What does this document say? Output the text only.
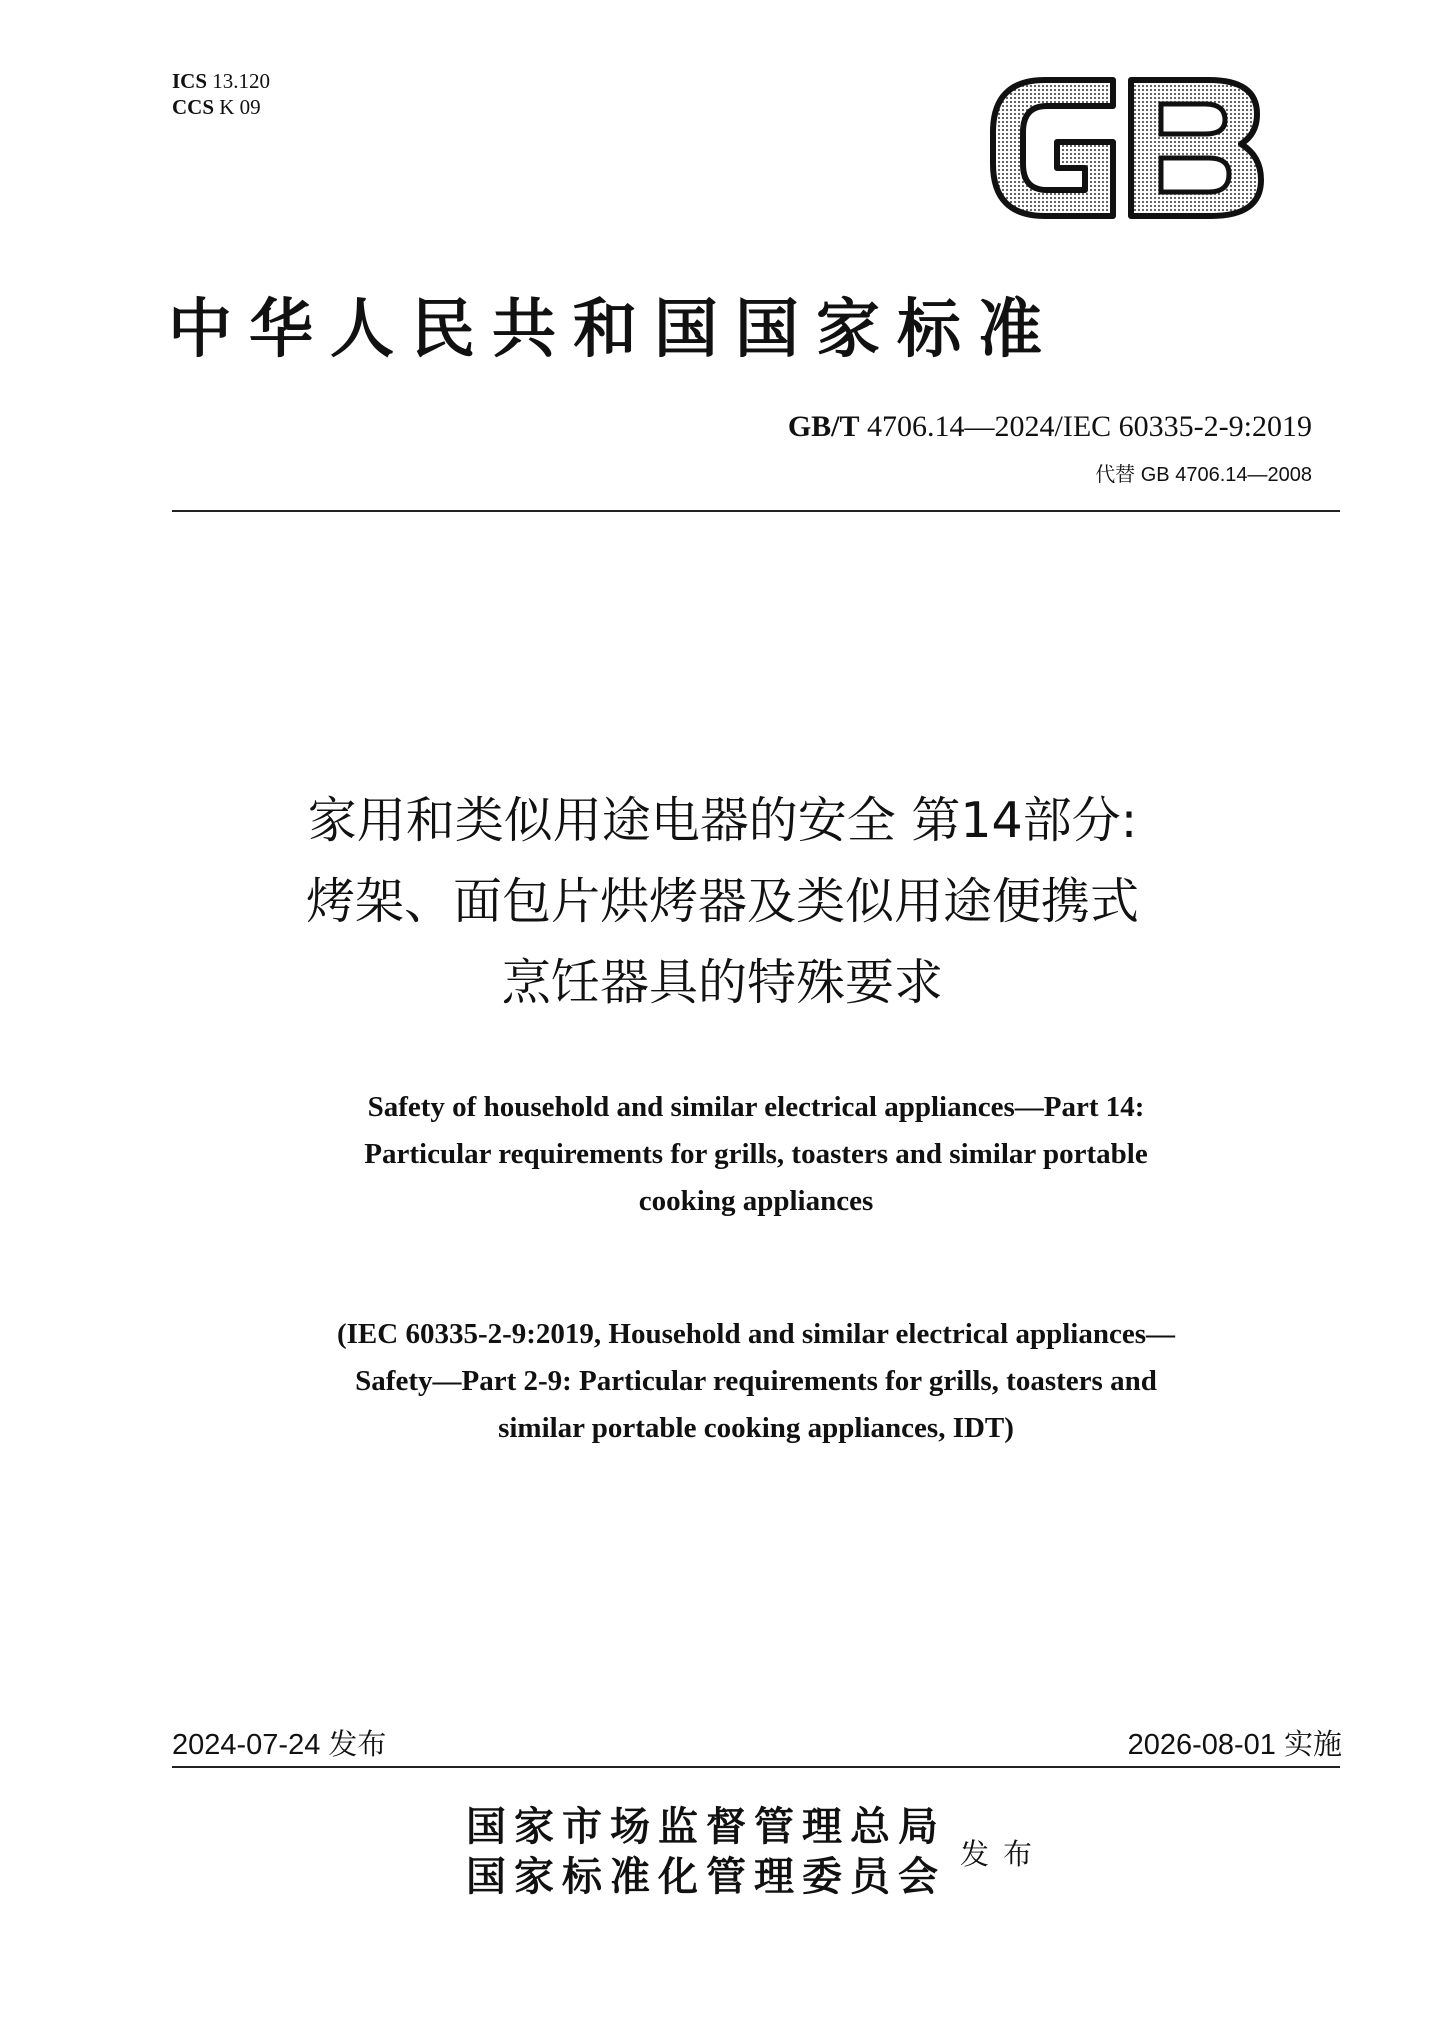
ICS 13.120
CCS K 09
中华人民共和国国家标准
GB/T 4706.14—2024/IEC 60335-2-9:2019
代替 GB 4706.14—2008
家用和类似用途电器的安全 第14部分:
烤架、面包片烘烤器及类似用途便携式
烹饪器具的特殊要求
Safety of household and similar electrical appliances—Part 14:
Particular requirements for grills, toasters and similar portable
cooking appliances
(IEC 60335-2-9:2019, Household and similar electrical appliances—
Safety—Part 2-9: Particular requirements for grills, toasters and
similar portable cooking appliances, IDT)
2024-07-24 发布	2026-08-01 实施
国家市场监督管理总局
国家标准化管理委员会 发布
